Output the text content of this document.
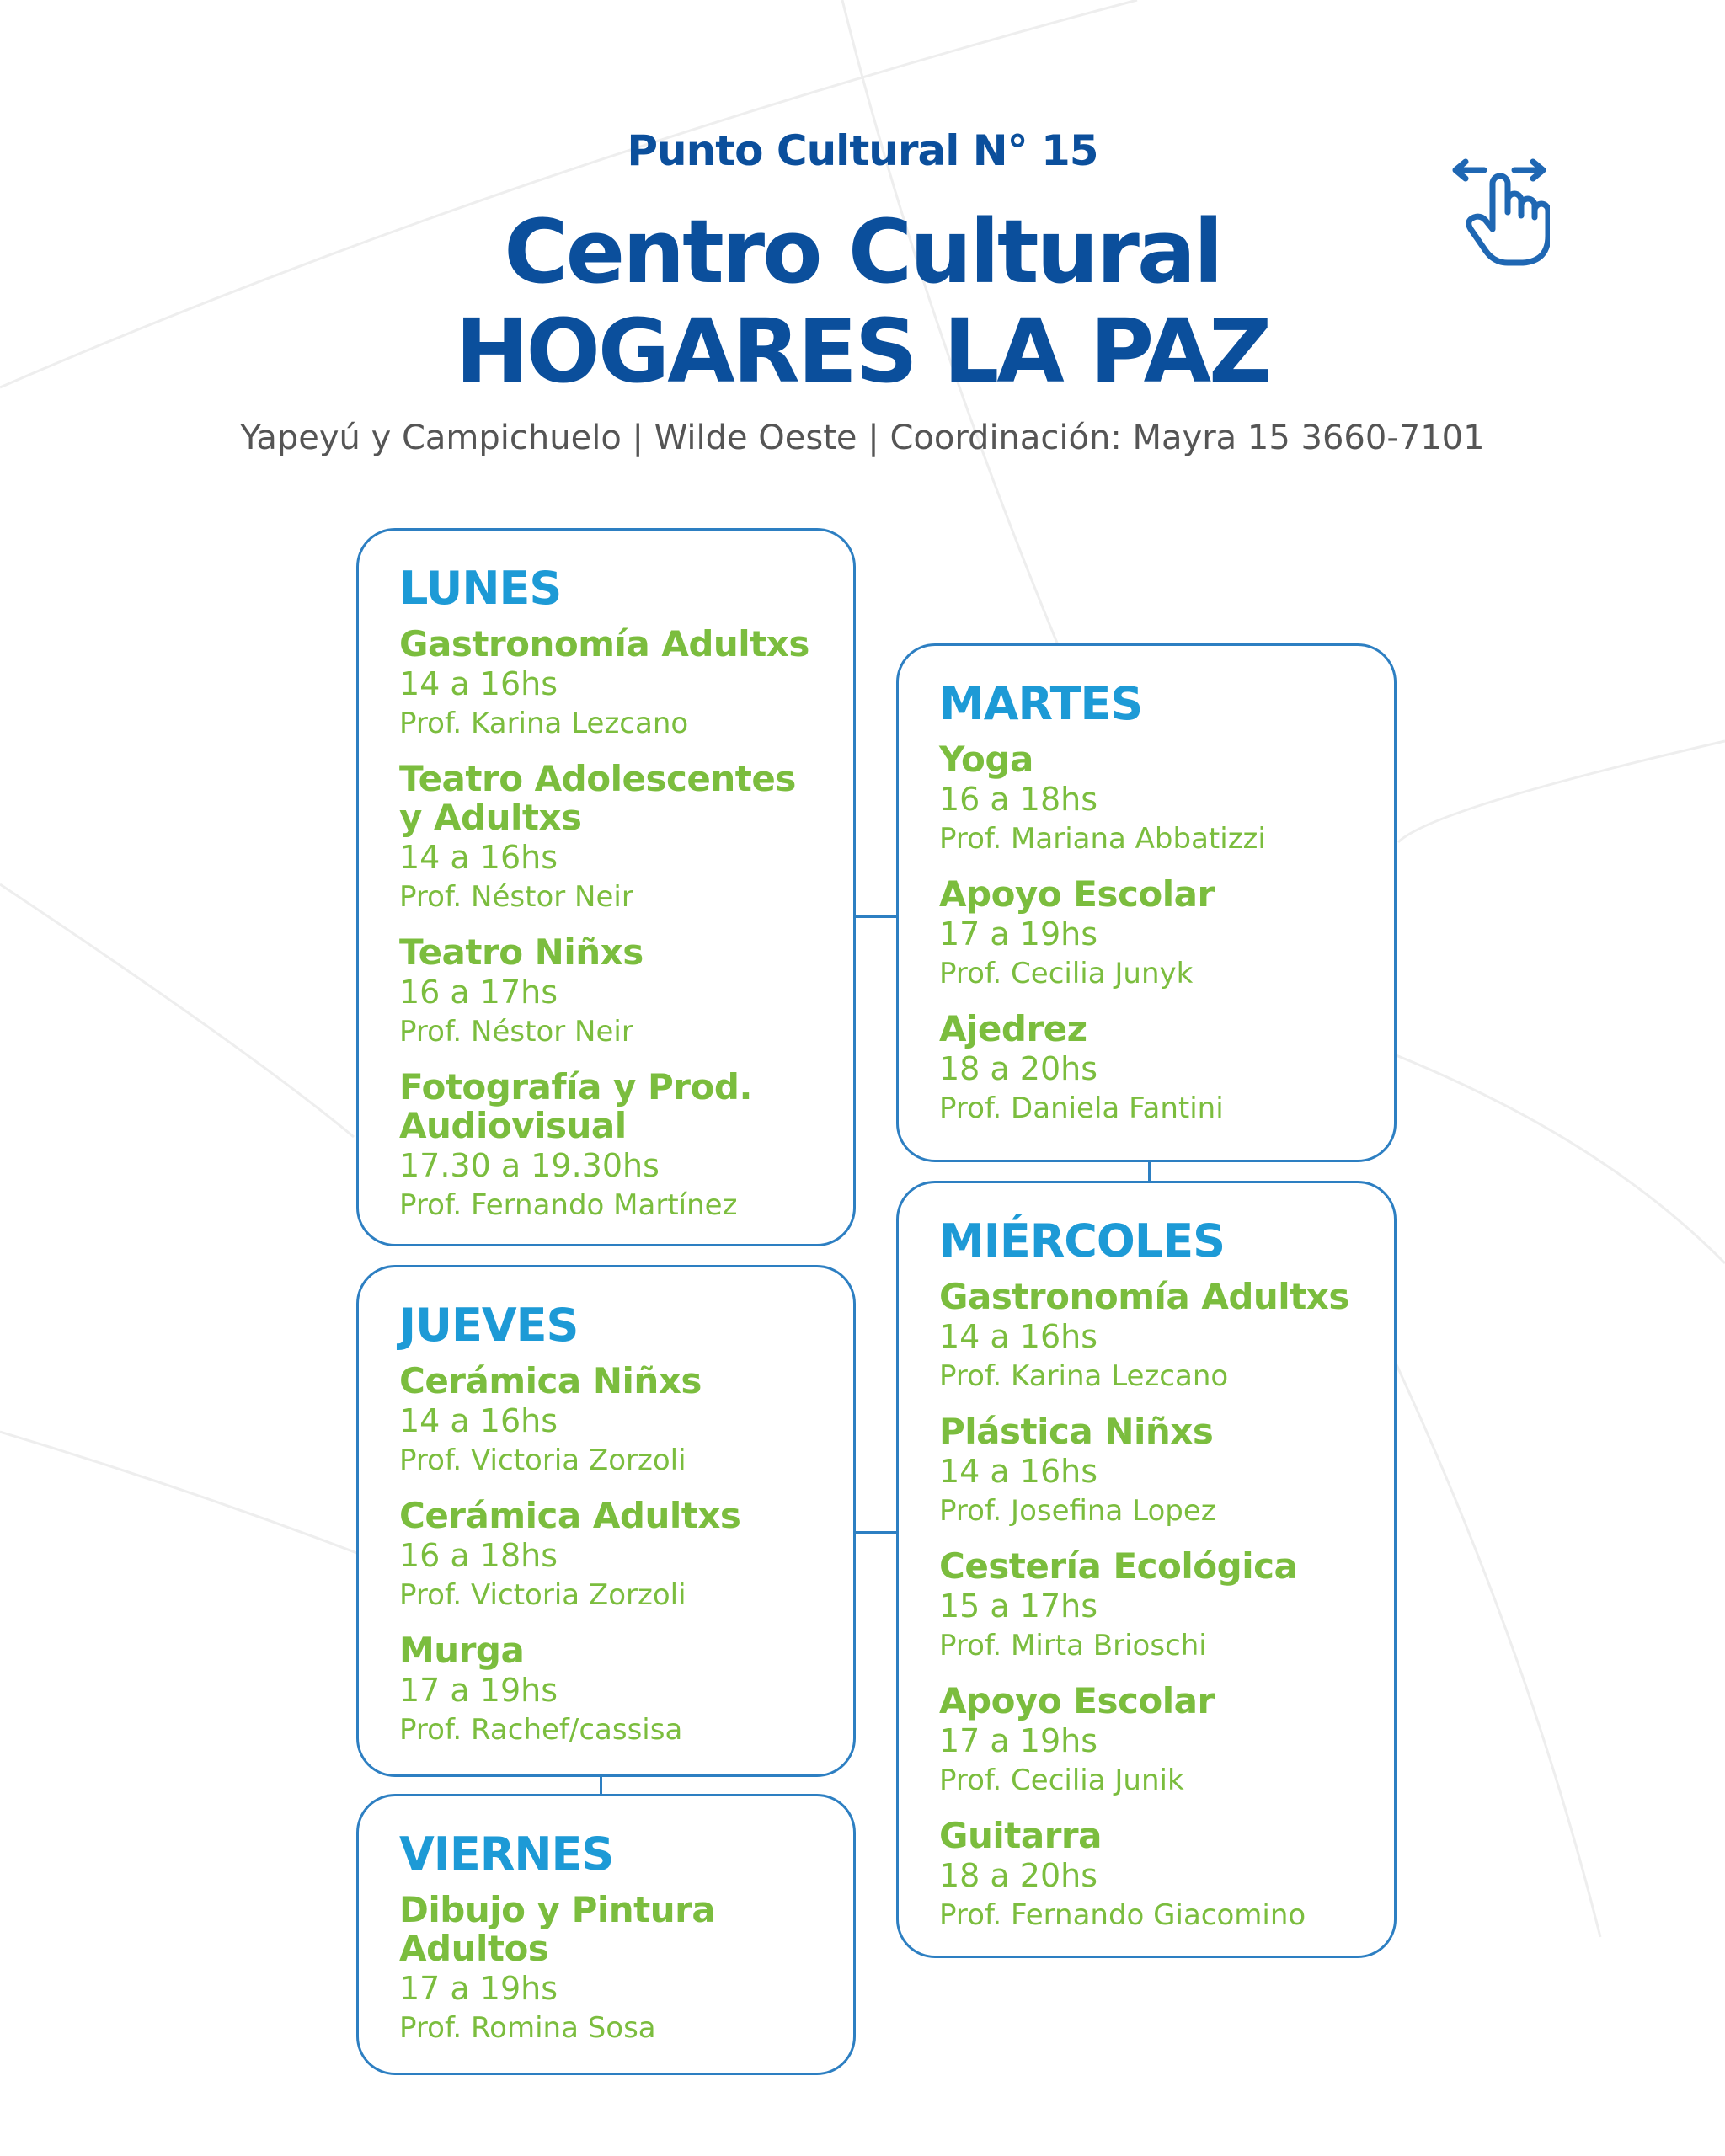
Punto Cultural N° 15
Centro Cultural
HOGARES LA PAZ
Yapeyú y Campichuelo | Wilde Oeste | Coordinación: Mayra 15 3660-7101
LUNES
Gastronomía Adultxs
14 a 16hs
Prof. Karina Lezcano
Teatro Adolescentes y Adultxs
14 a 16hs
Prof. Néstor Neir
Teatro Niñxs
16 a 17hs
Prof. Néstor Neir
Fotografía y Prod. Audiovisual
17.30 a 19.30hs
Prof. Fernando Martínez
MARTES
Yoga
16 a 18hs
Prof. Mariana Abbatizzi
Apoyo Escolar
17 a 19hs
Prof. Cecilia Junyk
Ajedrez
18 a 20hs
Prof. Daniela Fantini
MIÉRCOLES
Gastronomía Adultxs
14 a 16hs
Prof. Karina Lezcano
Plástica Niñxs
14 a 16hs
Prof. Josefina Lopez
Cestería Ecológica
15 a 17hs
Prof. Mirta Brioschi
Apoyo Escolar
17 a 19hs
Prof. Cecilia Junik
Guitarra
18 a 20hs
Prof. Fernando Giacomino
JUEVES
Cerámica Niñxs
14 a 16hs
Prof. Victoria Zorzoli
Cerámica Adultxs
16 a 18hs
Prof. Victoria Zorzoli
Murga
17 a 19hs
Prof. Rachef/cassisa
VIERNES
Dibujo y Pintura Adultos
17 a 19hs
Prof. Romina Sosa
